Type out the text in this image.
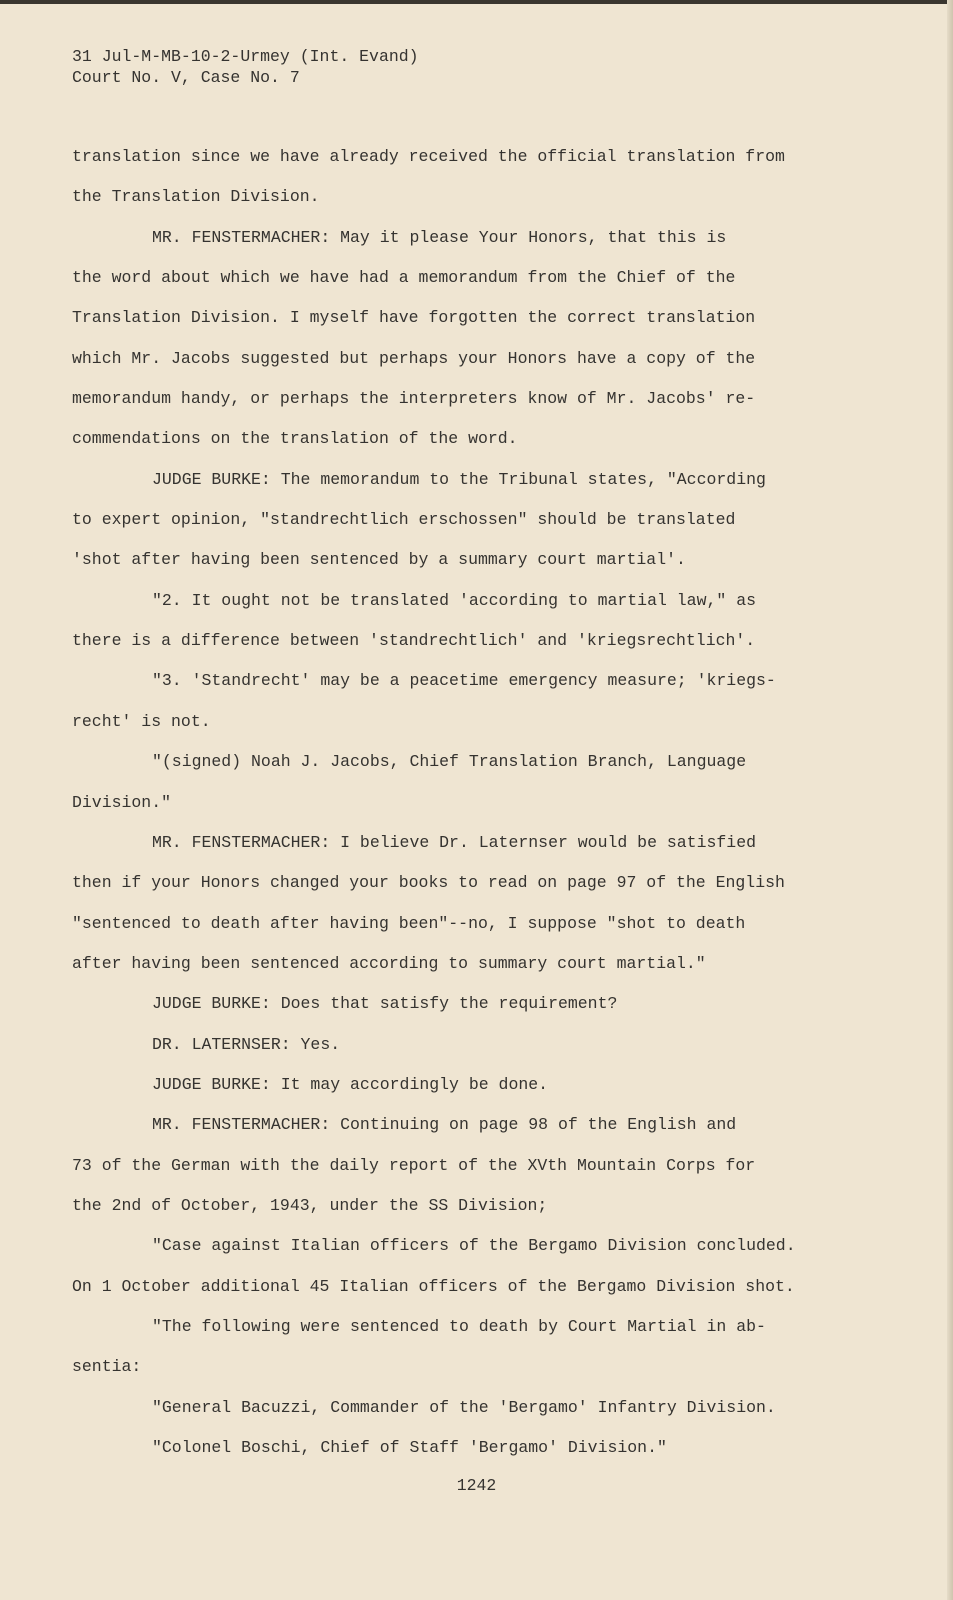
31 Jul-M-MB-10-2-Urmey (Int. Evand)
Court No. V, Case No. 7
translation since we have already received the official translation from
the Translation Division.
MR. FENSTERMACHER: May it please Your Honors, that this is
the word about which we have had a memorandum from the Chief of the
Translation Division. I myself have forgotten the correct translation
which Mr. Jacobs suggested but perhaps your Honors have a copy of the
memorandum handy, or perhaps the interpreters know of Mr. Jacobs' re-
commendations on the translation of the word.
JUDGE BURKE: The memorandum to the Tribunal states, "According
to expert opinion, "standrechtlich erschossen" should be translated
'shot after having been sentenced by a summary court martial'.
"2. It ought not be translated 'according to martial law," as
there is a difference between 'standrechtlich' and 'kriegsrechtlich'.
"3. 'Standrecht' may be a peacetime emergency measure; 'kriegs-
recht' is not.
"(signed) Noah J. Jacobs, Chief Translation Branch, Language
Division."
MR. FENSTERMACHER: I believe Dr. Laternser would be satisfied
then if your Honors changed your books to read on page 97 of the English
"sentenced to death after having been"--no, I suppose "shot to death
after having been sentenced according to summary court martial."
JUDGE BURKE: Does that satisfy the requirement?
DR. LATERNSER: Yes.
JUDGE BURKE: It may accordingly be done.
MR. FENSTERMACHER: Continuing on page 98 of the English and
73 of the German with the daily report of the XVth Mountain Corps for
the 2nd of October, 1943, under the SS Division;
"Case against Italian officers of the Bergamo Division concluded.
On 1 October additional 45 Italian officers of the Bergamo Division shot.
"The following were sentenced to death by Court Martial in ab-
sentia:
"General Bacuzzi, Commander of the 'Bergamo' Infantry Division.
"Colonel Boschi, Chief of Staff 'Bergamo' Division."
1242
